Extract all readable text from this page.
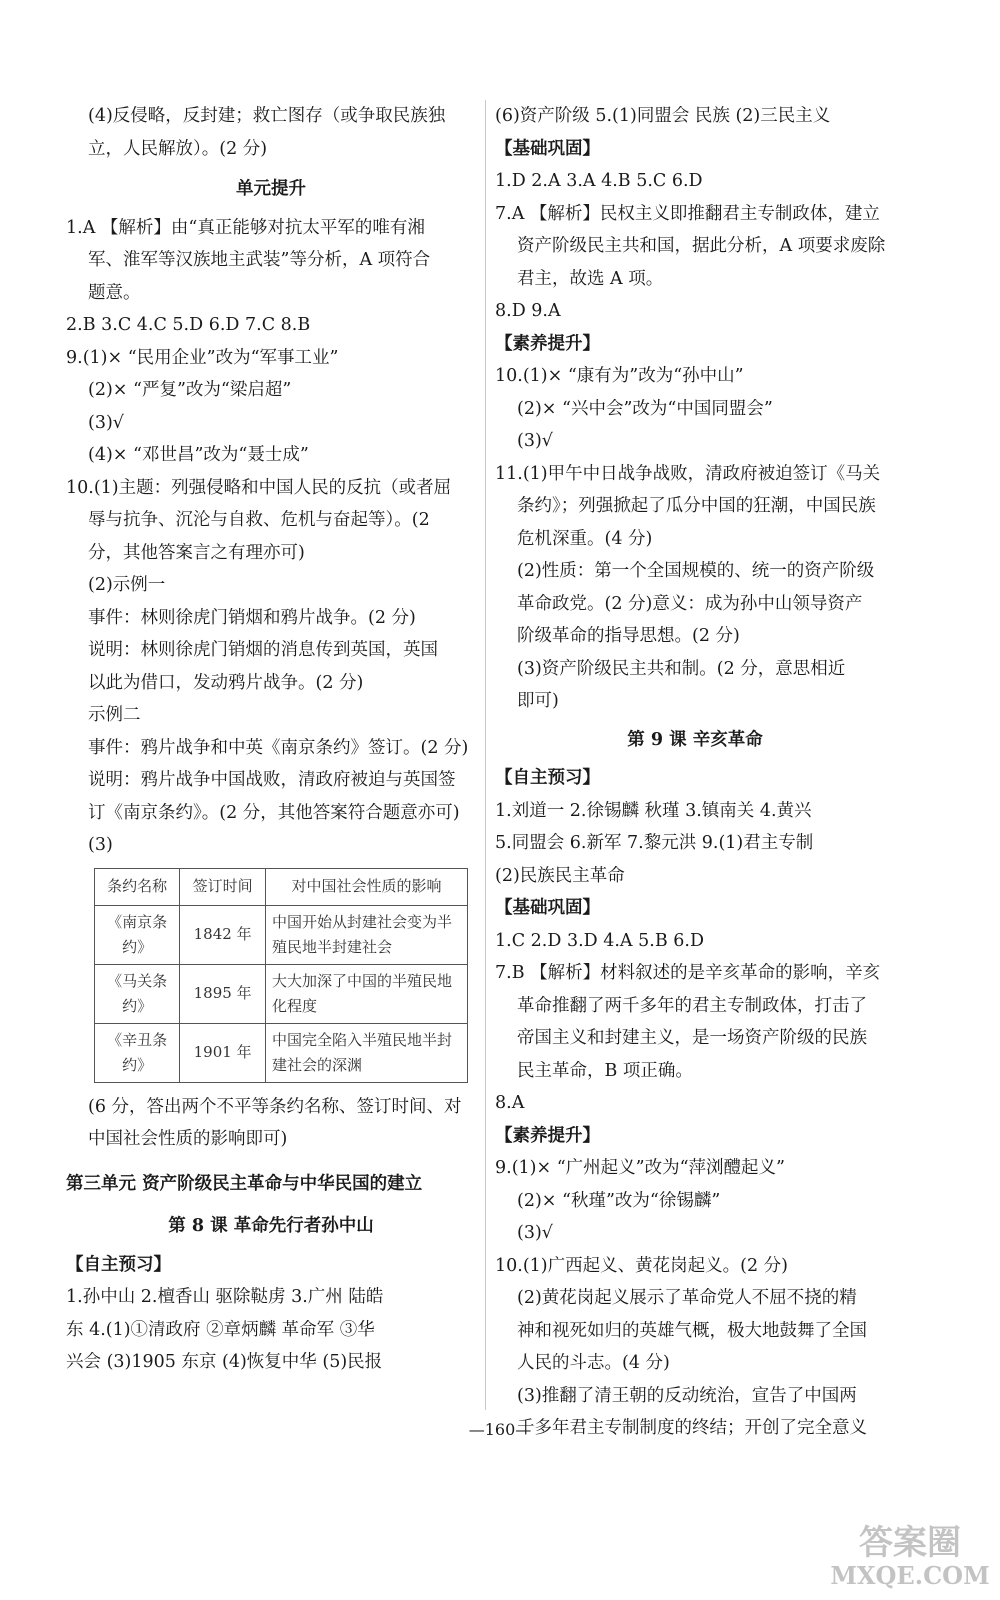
(4)反侵略，反封建；救亡图存（或争取民族独

立，人民解放）。(2 分)

单元提升

1.A 【解析】由“真正能够对抗太平军的唯有湘

军、淮军等汉族地主武装”等分析，A 项符合

题意。

2.B 3.C 4.C 5.D 6.D 7.C 8.B

9.(1)× “民用企业”改为“军事工业”

(2)× “严复”改为“梁启超”

(3)√

(4)× “邓世昌”改为“聂士成”

10.(1)主题：列强侵略和中国人民的反抗（或者屈

辱与抗争、沉沦与自救、危机与奋起等）。(2

分，其他答案言之有理亦可)

(2)示例一

事件：林则徐虎门销烟和鸦片战争。(2 分)

说明：林则徐虎门销烟的消息传到英国，英国

以此为借口，发动鸦片战争。(2 分)

示例二

事件：鸦片战争和中英《南京条约》签订。(2 分)

说明：鸦片战争中国战败，清政府被迫与英国签

订《南京条约》。(2 分，其他答案符合题意亦可)

(3)

条约名称	签订时间	对中国社会性质的影响
《南京条约》	1842 年	中国开始从封建社会变为半殖民地半封建社会
《马关条约》	1895 年	大大加深了中国的半殖民地化程度
《辛丑条约》	1901 年	中国完全陷入半殖民地半封建社会的深渊

(6 分，答出两个不平等条约名称、签订时间、对

中国社会性质的影响即可)

第三单元 资产阶级民主革命与中华民国的建立

第 8 课 革命先行者孙中山

【自主预习】

1.孙中山 2.檀香山 驱除鞑虏 3.广州 陆皓

东 4.(1)①清政府 ②章炳麟 革命军 ③华

兴会 (3)1905 东京 (4)恢复中华 (5)民报

(6)资产阶级 5.(1)同盟会 民族 (2)三民主义

【基础巩固】

1.D 2.A 3.A 4.B 5.C 6.D

7.A 【解析】民权主义即推翻君主专制政体，建立

资产阶级民主共和国，据此分析，A 项要求废除

君主，故选 A 项。

8.D 9.A

【素养提升】

10.(1)× “康有为”改为“孙中山”

(2)× “兴中会”改为“中国同盟会”

(3)√

11.(1)甲午中日战争战败，清政府被迫签订《马关

条约》；列强掀起了瓜分中国的狂潮，中国民族

危机深重。(4 分)

(2)性质：第一个全国规模的、统一的资产阶级

革命政党。(2 分)意义：成为孙中山领导资产

阶级革命的指导思想。(2 分)

(3)资产阶级民主共和制。(2 分，意思相近

即可)

第 9 课 辛亥革命

【自主预习】

1.刘道一 2.徐锡麟 秋瑾 3.镇南关 4.黄兴

5.同盟会 6.新军 7.黎元洪 9.(1)君主专制

(2)民族民主革命

【基础巩固】

1.C 2.D 3.D 4.A 5.B 6.D

7.B 【解析】材料叙述的是辛亥革命的影响，辛亥

革命推翻了两千多年的君主专制政体，打击了

帝国主义和封建主义，是一场资产阶级的民族

民主革命，B 项正确。

8.A

【素养提升】

9.(1)× “广州起义”改为“萍浏醴起义”

(2)× “秋瑾”改为“徐锡麟”

(3)√

10.(1)广西起义、黄花岗起义。(2 分)

(2)黄花岗起义展示了革命党人不屈不挠的精

神和视死如归的英雄气概，极大地鼓舞了全国

人民的斗志。(4 分)

(3)推翻了清王朝的反动统治，宣告了中国两

千多年君主专制制度的终结；开创了完全意义

—160—
答案圈
MXQE.COM
